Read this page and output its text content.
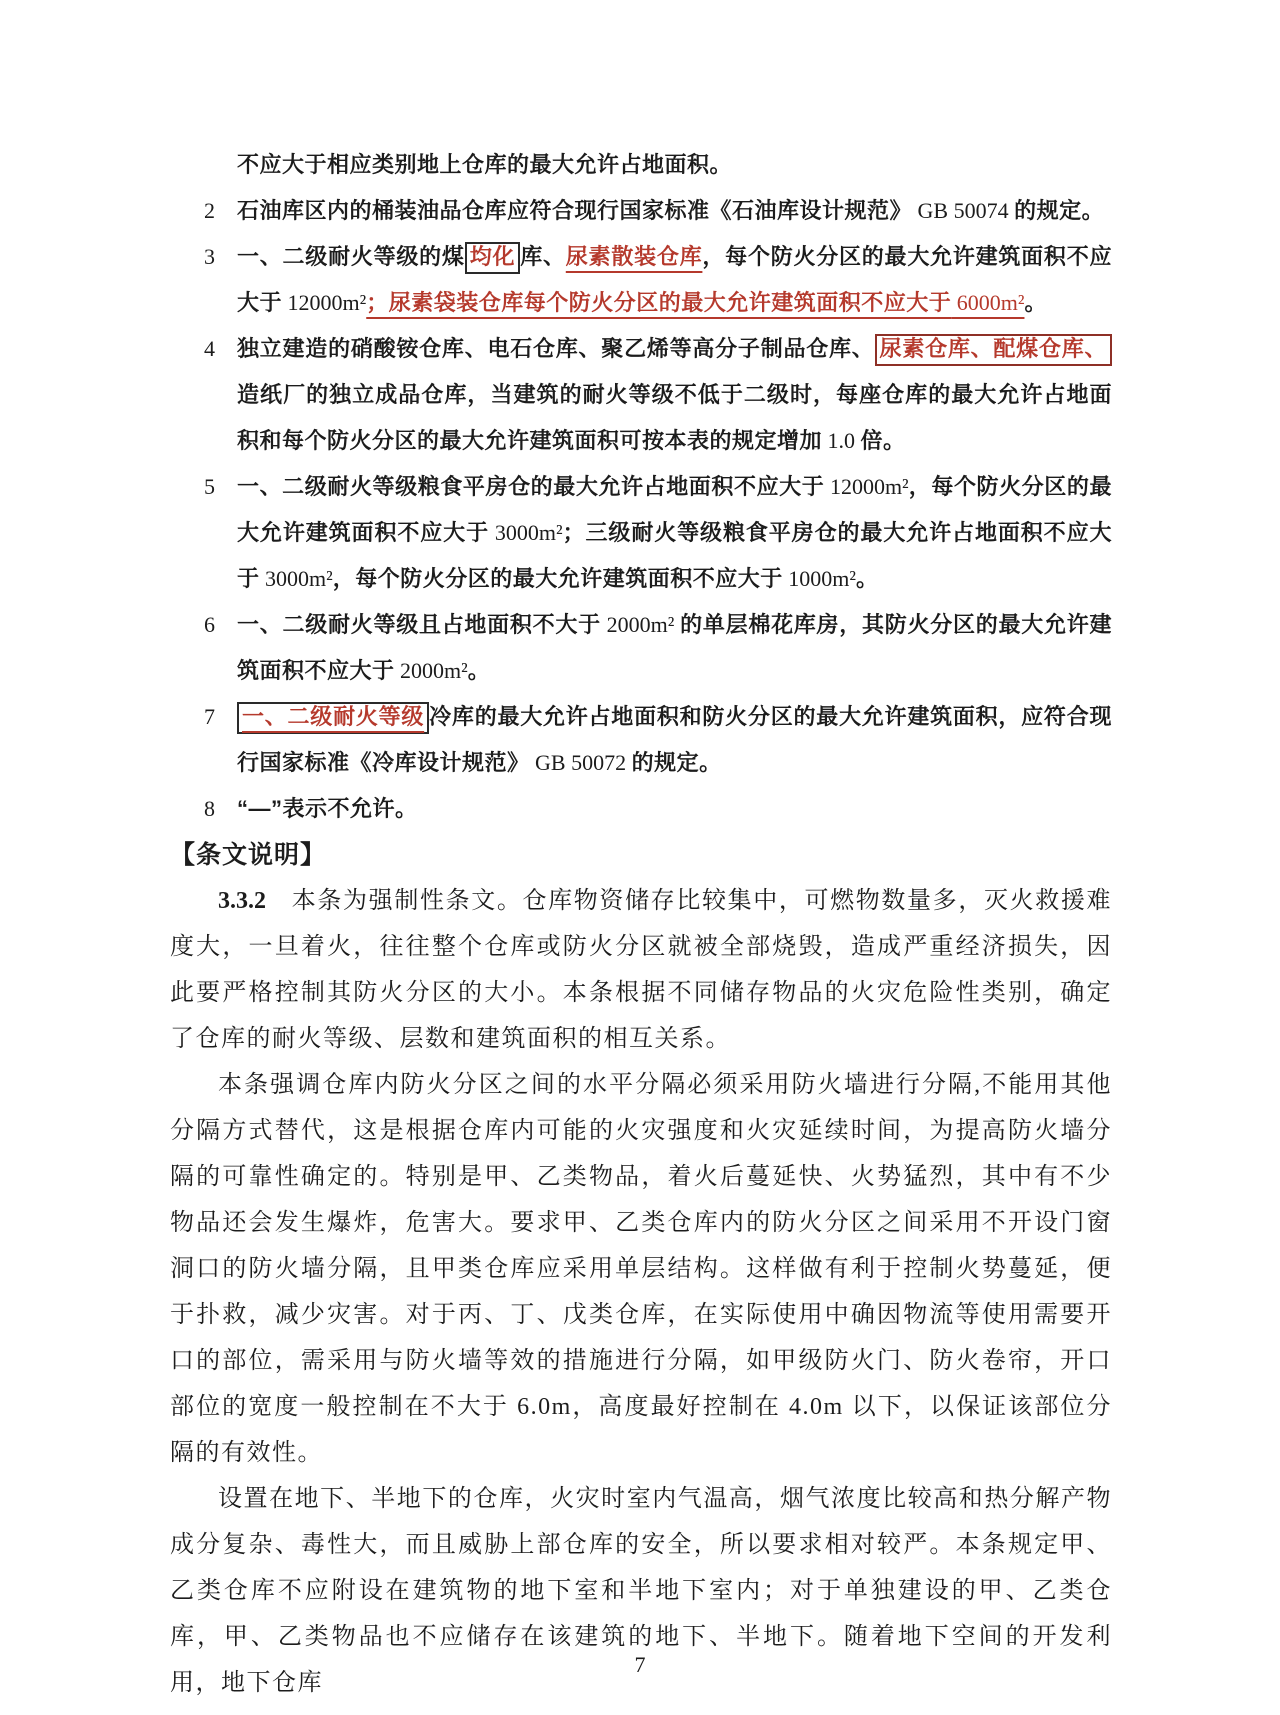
不应大于相应类别地上仓库的最大允许占地面积。
2 石油库区内的桶装油品仓库应符合现行国家标准《石油库设计规范》 GB 50074 的规定。
3 一、二级耐火等级的煤 均化 库、尿素散装仓库，每个防火分区的最大允许建筑面积不应大于 12000m²；尿素袋装仓库每个防火分区的最大允许建筑面积不应大于 6000m²。
4 独立建造的硝酸铵仓库、电石仓库、聚乙烯等高分子制品仓库、 尿素仓库、配煤仓库、造纸厂的独立成品仓库，当建筑的耐火等级不低于二级时，每座仓库的最大允许占地面积和每个防火分区的最大允许建筑面积可按本表的规定增加 1.0 倍。
5 一、二级耐火等级粮食平房仓的最大允许占地面积不应大于 12000m²，每个防火分区的最大允许建筑面积不应大于 3000m²；三级耐火等级粮食平房仓的最大允许占地面积不应大于 3000m²，每个防火分区的最大允许建筑面积不应大于 1000m²。
6 一、二级耐火等级且占地面积不大于 2000m² 的单层棉花库房，其防火分区的最大允许建筑面积不应大于 2000m²。
7 一、二级耐火等级 冷库的最大允许占地面积和防火分区的最大允许建筑面积，应符合现行国家标准《冷库设计规范》 GB 50072 的规定。
8 “—”表示不允许。
【条文说明】

3.3.2　本条为强制性条文。仓库物资储存比较集中，可燃物数量多，灭火救援难度大，一旦着火，往往整个仓库或防火分区就被全部烧毁，造成严重经济损失，因此要严格控制其防火分区的大小。本条根据不同储存物品的火灾危险性类别，确定了仓库的耐火等级、层数和建筑面积的相互关系。

本条强调仓库内防火分区之间的水平分隔必须采用防火墙进行分隔,不能用其他分隔方式替代，这是根据仓库内可能的火灾强度和火灾延续时间，为提高防火墙分隔的可靠性确定的。特别是甲、乙类物品，着火后蔓延快、火势猛烈，其中有不少物品还会发生爆炸，危害大。要求甲、乙类仓库内的防火分区之间采用不开设门窗洞口的防火墙分隔，且甲类仓库应采用单层结构。这样做有利于控制火势蔓延，便于扑救，减少灾害。对于丙、丁、戊类仓库，在实际使用中确因物流等使用需要开口的部位，需采用与防火墙等效的措施进行分隔，如甲级防火门、防火卷帘，开口部位的宽度一般控制在不大于 6.0m，高度最好控制在 4.0m 以下，以保证该部位分隔的有效性。

设置在地下、半地下的仓库，火灾时室内气温高，烟气浓度比较高和热分解产物成分复杂、毒性大，而且威胁上部仓库的安全，所以要求相对较严。本条规定甲、乙类仓库不应附设在建筑物的地下室和半地下室内；对于单独建设的甲、乙类仓库，甲、乙类物品也不应储存在该建筑的地下、半地下。随着地下空间的开发利用，地下仓库

7
